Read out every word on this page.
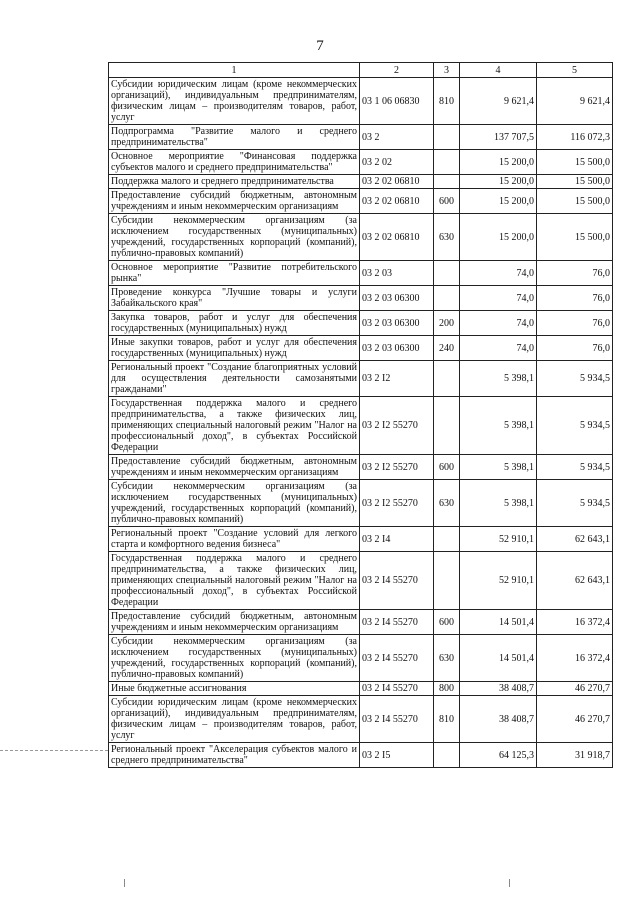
7
1	2	3	4	5
Субсидии юридическим лицам (кроме некоммерческих организаций), индивидуальным предпринимателям, физическим лицам – производителям товаров, работ, услуг	03 1 06 06830	810	9 621,4	9 621,4
Подпрограмма "Развитие малого и среднего предпринимательства"	03 2		137 707,5	116 072,3
Основное мероприятие "Финансовая поддержка субъектов малого и среднего предпринимательства"	03 2 02		15 200,0	15 500,0
Поддержка малого и среднего предпринимательства	03 2 02 06810		15 200,0	15 500,0
Предоставление субсидий бюджетным, автономным учреждениям и иным некоммерческим организациям	03 2 02 06810	600	15 200,0	15 500,0
Субсидии некоммерческим организациям (за исключением государственных (муниципальных) учреждений, государственных корпораций (компаний), публично-правовых компаний)	03 2 02 06810	630	15 200,0	15 500,0
Основное мероприятие "Развитие потребительского рынка"	03 2 03		74,0	76,0
Проведение конкурса "Лучшие товары и услуги Забайкальского края"	03 2 03 06300		74,0	76,0
Закупка товаров, работ и услуг для обеспечения государственных (муниципальных) нужд	03 2 03 06300	200	74,0	76,0
Иные закупки товаров, работ и услуг для обеспечения государственных (муниципальных) нужд	03 2 03 06300	240	74,0	76,0
Региональный проект "Создание благоприятных условий для осуществления деятельности самозанятыми гражданами"	03 2 I2		5 398,1	5 934,5
Государственная поддержка малого и среднего предпринимательства, а также физических лиц, применяющих специальный налоговый режим "Налог на профессиональный доход", в субъектах Российской Федерации	03 2 I2 55270		5 398,1	5 934,5
Предоставление субсидий бюджетным, автономным учреждениям и иным некоммерческим организациям	03 2 I2 55270	600	5 398,1	5 934,5
Субсидии некоммерческим организациям (за исключением государственных (муниципальных) учреждений, государственных корпораций (компаний), публично-правовых компаний)	03 2 I2 55270	630	5 398,1	5 934,5
Региональный проект "Создание условий для легкого старта и комфортного ведения бизнеса"	03 2 I4		52 910,1	62 643,1
Государственная поддержка малого и среднего предпринимательства, а также физических лиц, применяющих специальный налоговый режим "Налог на профессиональный доход", в субъектах Российской Федерации	03 2 I4 55270		52 910,1	62 643,1
Предоставление субсидий бюджетным, автономным учреждениям и иным некоммерческим организациям	03 2 I4 55270	600	14 501,4	16 372,4
Субсидии некоммерческим организациям (за исключением государственных (муниципальных) учреждений, государственных корпораций (компаний), публично-правовых компаний)	03 2 I4 55270	630	14 501,4	16 372,4
Иные бюджетные ассигнования	03 2 I4 55270	800	38 408,7	46 270,7
Субсидии юридическим лицам (кроме некоммерческих организаций), индивидуальным предпринимателям, физическим лицам – производителям товаров, работ, услуг	03 2 I4 55270	810	38 408,7	46 270,7
Региональный проект "Акселерация субъектов малого и среднего предпринимательства"	03 2 I5		64 125,3	31 918,7
